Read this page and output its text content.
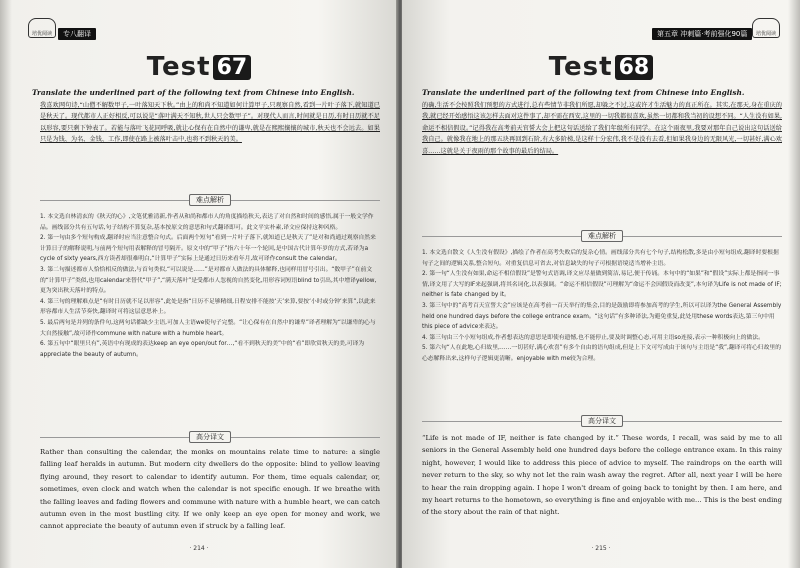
培优阅读	专八翻译
Test 67
Translate the underlined part of the following text from Chinese into English.
我喜欢网句诗,“山僧不解数甲子,一叶落知天下秋。”由上的和尚不知道如何计算甲子,只观察自然,看到一片叶子落下,就知道已是秋天了。现代都市人正好相反,可以说是“落叶满天不知秋,世人只会数甲子”。对现代人而言,时间就是日历,有时日历就不足以形容,要只剩下钟表了。若能与落叶飞花同呼吸,就让心保有在自然中的谦卑,就是在熙熙攘攘的城市,秋天也不会远去。如果只是为钱、为名、金钱、工作,即使在路上被落叶击中,也将不到秋天的美。
难点解析

1. 本文选自林清玄的《秋天的心》,文笔优雅清新,作者从和尚和都市人的角度描绘秋天,表达了对自然和时间的感悟,属于一般文学作品。画线部分共有五句话,句子结构不算复杂,基本按原文的意思和句式翻译即可。此文平实朴素,译文应保持这种风格。

2. 第一句由多个短句构成,翻译时应当注意整合句式。后面两个短句“看到一片叶子落下,就知道已是秋天了”是对和尚通过观察自然来计算日子的解释说明,与前两个短句用表解释的冒号隔开。原文中的“甲子”指六十年一个轮回,是中国古代计算年岁的方式,若译为a cycle of sixty years,西方读者却很难明白,“计算甲子”实际上是通过日历来看年月,故可译作consult the calendar。

3. 第二句描述都市人恰恰相反的做法,与首句类似,“可以说是……”是对都市人做法的具体解释,也同样用冒号引出。“数甲子”在前文的“计算甲子”类似,也用calendar来替代“甲子”,“满天落叶”是受都市人忽视的自然变化,用形容词短语blind to引出,其中增译yellow,更为突出秋天落叶的特点。

4. 第三句的理解难点是“有时日历就不足以形容”,此处是指“日历不足够精细,日程安排不能按‘天’来算,要按‘小时或分钟’来算”,以此来形容都市人生活节奏快,翻译时可将这层意思补上。

5. 最后两句是并列的条件句,这两句话都缺少主语,可加人主语we使句子完整。“让心保有在自然中的谦卑”译者理解为“以谦卑的心与大自然接触”,故可译作commune with nature with a humble heart。

6. 第五句中“眼里只有”,英语中有现成的表达keep an eye open/out for…,“看不到秋天的美”中的“看”即欣赏秋天的美,可译为appreciate the beauty of autumn。

高分译文
Rather than consulting the calendar, the monks on mountains relate time to nature: a single falling leaf heralds in autumn. But modern city dwellers do the opposite: blind to yellow leaving flying around, they resort to calendar to identify autumn. For them, time equals calendar, or, sometimes, even clock and watch when the calendar is not specific enough. If we breathe with the falling leaves and fading flowers and commune with nature with a humble heart, we can catch autumn even in the most bustling city. If we only keep an eye open for money and work, we cannot appreciate the beauty of autumn even if struck by a falling leaf.
· 214 ·
第五章 冲刺篇·考前强化90篇	培优阅读
Test 68
Translate the underlined part of the following text from Chinese into English.
的确,生活不会按照我们预想的方式进行,总有些情节非我们所愿,却躲之不过,这或许才生活魅力的真正所在。其实,在那天,身在重庆的我,就已经开始感悟这该怎样去面对这件事了,却不需在西安,这里的一切我都很喜欢,虽然一切都和我当初的设想不同。“人生没有如果,命运不相信假设。”记得我在高考前天官誓大会上把这句话送给了我们年级所有同学。在这个雨夜里,我要对那年自己说出这句话送给我自己。就像我在地上的那五块再回到石阶,有大多阶梯,是这样十分宏伟,我不是没有去看,但如果我身边的无限风光,一切甚好,满心欢喜……这就是关于夜雨的那个故事的最后的结局。
难点解析

1. 本文选自散文《人生没有假设》,描绘了作者在高考失败后的复杂心情。画线部分共有七个句子,结构松散,多是由小短句组成,翻译时要根据句子之间的逻辑关系,整合短句。对重复信息可省去,对信息缺失的句子可根据语境适当增补主语。

2. 第一句“人生没有如果,命运不相信假设”是警句式语调,译文应尽量做到简洁,易记,便于传诵。本句中的“如果”和“假设”实际上都是指同一事情,译文用了大写的IF来起强调,将其名词化,以表强调。“命运不相信假设”可理解为“命运不会因假设而改变”,本句译为Life is not made of IF; neither is fate changed by it。

3. 第三句中的“高考百天宣誓大会”应该是在高考前一百天举行的集会,目的是鼓励即将参加高考的学生,所以可以译为the General Assembly held one hundred days before the college entrance exam。“这句话”有多种译法,为避免重复,此处用these words表达,第三句中用this piece of advice来表达。

4. 第三句由三个小短句组成,作者想表达的意思是即使有遗憾,也不能停止,要及时调整心态,可用主语so连接,表示一种积极向上的做法。

5. 第六句“人在此地,心归故里,……一切甚好,满心欢喜”有多个自由的语句组成,但是上下文可写成由于该句与主语是“我”,翻译可将心归故里的心态解释出来,这样句子逻辑更清晰。enjoyable with me较为合理。

高分译文
“Life is not made of IF, neither is fate changed by it.” These words, I recall, was said by me to all seniors in the General Assembly held one hundred days before the college entrance exam. In this rainy night, however, I would like to address this piece of advice to myself. The raindrops on the earth will never return to the sky, so why not let the rain wash away the regret. After all, next year I will be here to hear the rain dropping again. I hope I won't dream of going back to tonight by then. I am here, and my heart returns to the hometown, so everything is fine and enjoyable with me... This is the best ending of the story about the rain of that night.
· 215 ·
